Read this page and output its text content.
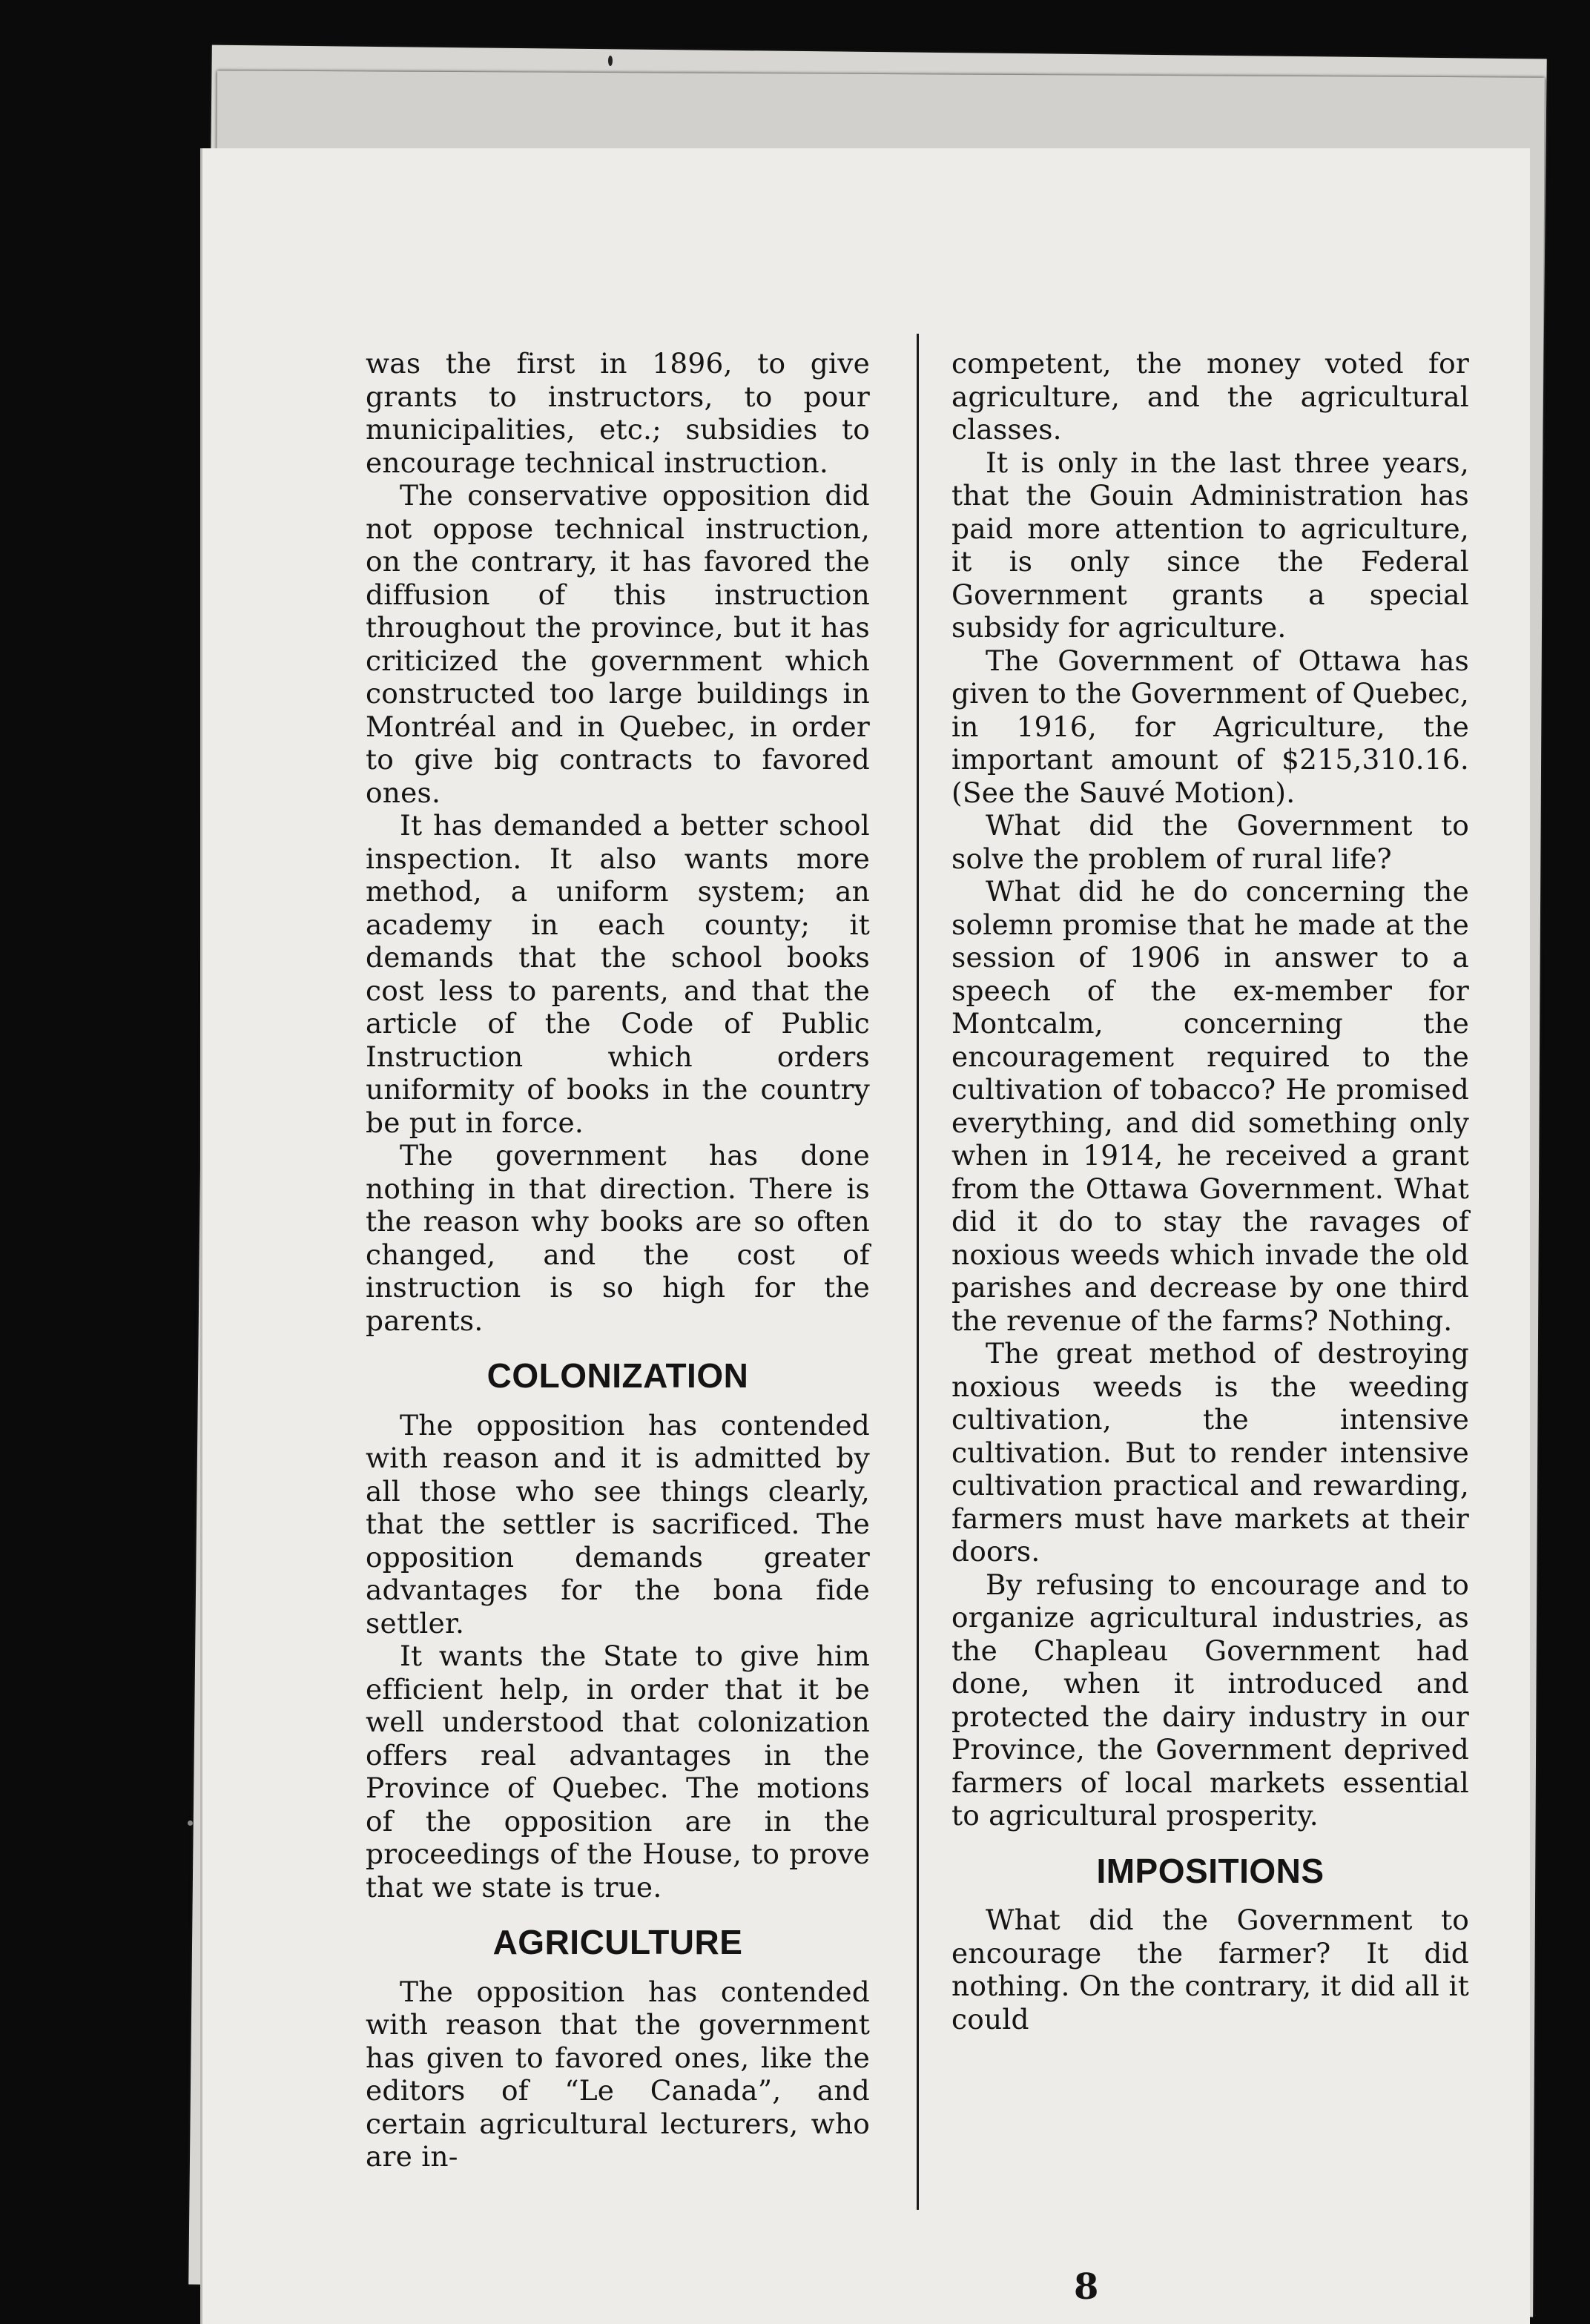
was the first in 1896, to give grants to instructors, to pour municipalities, etc.; subsidies to encourage technical instruction.

The conservative opposition did not oppose technical instruction, on the contrary, it has favored the diffusion of this instruction throughout the province, but it has criticized the government which constructed too large buildings in Montréal and in Quebec, in order to give big contracts to favored ones.

It has demanded a better school inspection. It also wants more method, a uniform system; an academy in each county; it demands that the school books cost less to parents, and that the article of the Code of Public Instruction which orders uniformity of books in the country be put in force.

The government has done nothing in that direction. There is the reason why books are so often changed, and the cost of instruction is so high for the parents.

COLONIZATION

The opposition has contended with reason and it is admitted by all those who see things clearly, that the settler is sacrificed. The opposition demands greater advantages for the bona fide settler.

It wants the State to give him efficient help, in order that it be well understood that colonization offers real advantages in the Province of Quebec. The motions of the opposition are in the proceedings of the House, to prove that we state is true.

AGRICULTURE

The opposition has contended with reason that the government has given to favored ones, like the editors of “Le Canada”, and certain agricultural lecturers, who are in-

competent, the money voted for agriculture, and the agricultural classes.

It is only in the last three years, that the Gouin Administration has paid more attention to agriculture, it is only since the Federal Government grants a special subsidy for agriculture.

The Government of Ottawa has given to the Government of Quebec, in 1916, for Agriculture, the important amount of $215,310.16. (See the Sauvé Motion).

What did the Government to solve the problem of rural life?

What did he do concerning the solemn promise that he made at the session of 1906 in answer to a speech of the ex-member for Montcalm, concerning the encouragement required to the cultivation of tobacco? He promised everything, and did something only when in 1914, he received a grant from the Ottawa Government. What did it do to stay the ravages of noxious weeds which invade the old parishes and decrease by one third the revenue of the farms? Nothing.

The great method of destroying noxious weeds is the weeding cultivation, the intensive cultivation. But to render intensive cultivation practical and rewarding, farmers must have markets at their doors.

By refusing to encourage and to organize agricultural industries, as the Chapleau Government had done, when it introduced and protected the dairy industry in our Province, the Government deprived farmers of local markets essential to agricultural prosperity.

IMPOSITIONS

What did the Government to encourage the farmer? It did nothing. On the contrary, it did all it could

8
